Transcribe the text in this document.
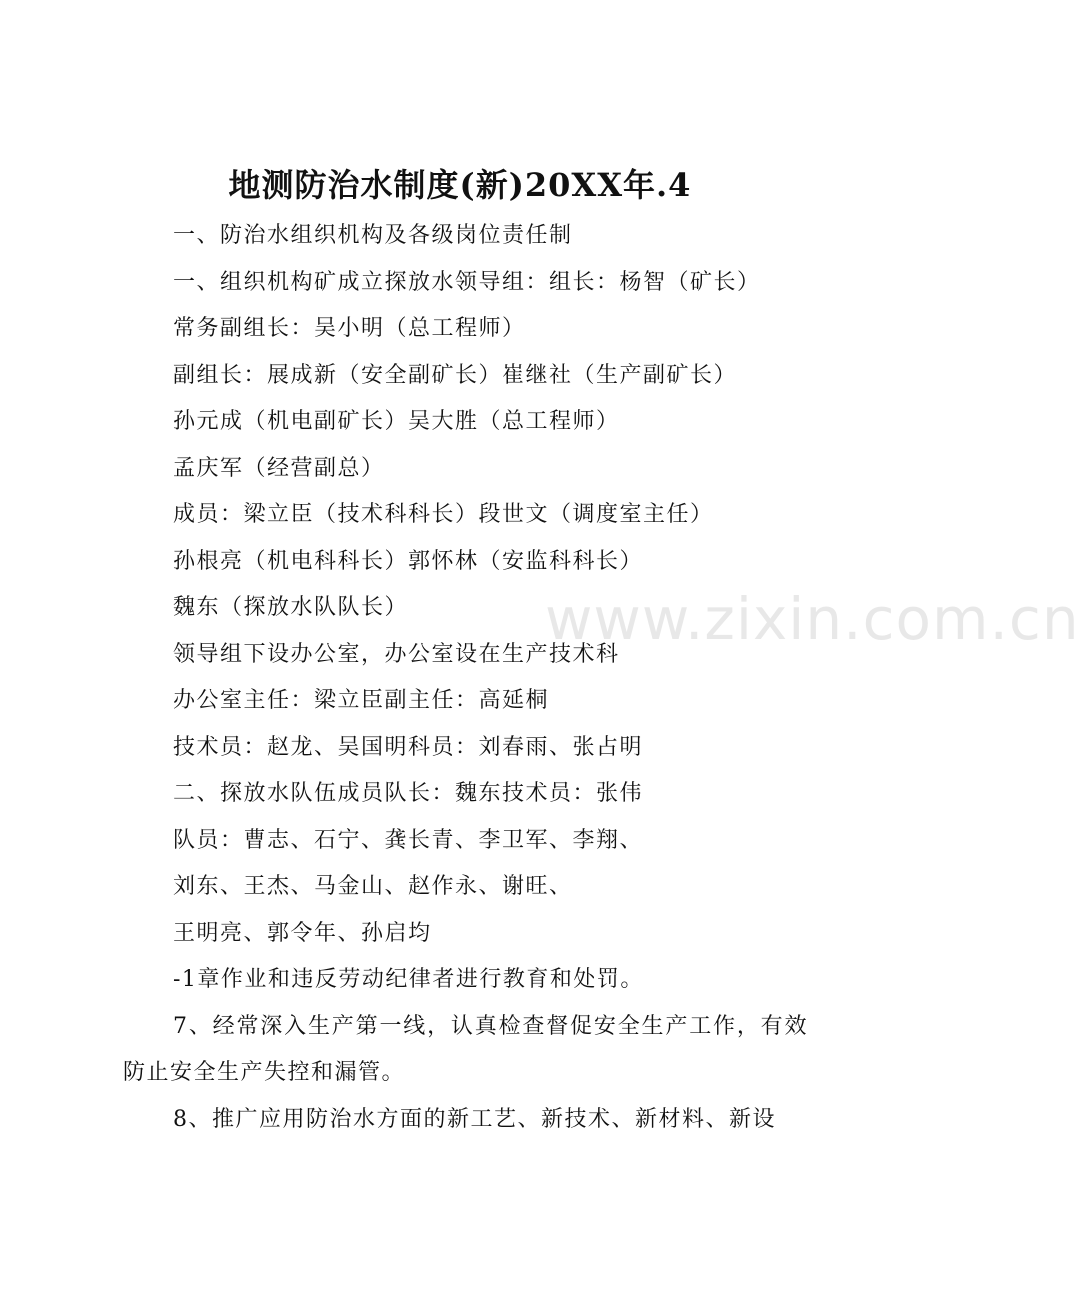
地测防治水制度(新)20XX年.4
一、防治水组织机构及各级岗位责任制
一、组织机构矿成立探放水领导组：组长：杨智（矿长）
常务副组长：吴小明（总工程师）
副组长：展成新（安全副矿长）崔继社（生产副矿长）
孙元成（机电副矿长）吴大胜（总工程师）
孟庆军（经营副总）
成员：梁立臣（技术科科长）段世文（调度室主任）
孙根亮（机电科科长）郭怀林（安监科科长）
魏东（探放水队队长）
领导组下设办公室，办公室设在生产技术科
办公室主任：梁立臣副主任：高延桐
技术员：赵龙、吴国明科员：刘春雨、张占明
二、探放水队伍成员队长：魏东技术员：张伟
队员：曹志、石宁、龚长青、李卫军、李翔、
刘东、王杰、马金山、赵作永、谢旺、
王明亮、郭令年、孙启均
-1章作业和违反劳动纪律者进行教育和处罚。
7、经常深入生产第一线，认真检查督促安全生产工作，有效防止安全生产失控和漏管。
8、推广应用防治水方面的新工艺、新技术、新材料、新设
www.zixin.com.cn
